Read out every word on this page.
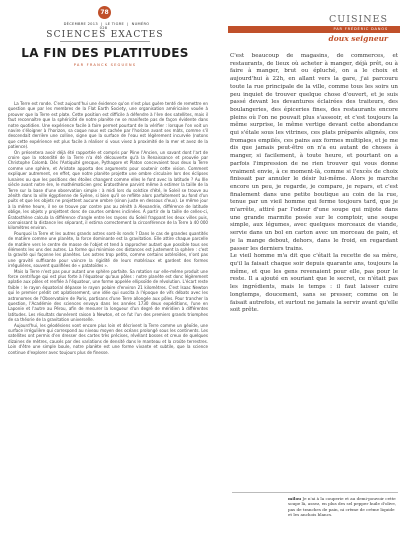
78
DÉCEMBRE 2013 | LE TIGRE | NUMÉRO 028
SCIENCES EXACTES
LA FIN DES PLATITUDES
PAR FRANCK SEGUENS

La Terre est ronde. C'est aujourd'hui une évidence qu'on n'est plus guère tenté de remettre en question que par les membres de la Flat Earth Society, une organisation américaine vouée à prouver que la Terre est plate. Cette position est difficile à défendre à l'ère des satellites, mais il faut reconnaître que la sphéricité de notre planète ne se manifeste pas de façon évidente dans notre quotidien. Une expérience facile à faire permet pourtant de la vérifier : lorsque l'on voit un navire s'éloigner à l'horizon, sa coque nous est cachée par l'horizon avant ses mâts, comme s'il descendait derrière une colline, signe que la surface de l'eau est légèrement incurvée (notons que cette expérience est plus facile à réaliser si vous vivez à proximité de la mer et avez de la patience).

On présentera avoir déjà été rapportée et compris par Pline l'Ancien, un savant dont l'art de croire que la rotondité de la Terre n'a été découverte qu'à la Renaissance et prouvée par Christophe Colomb. Dès l'Antiquité grecque, Pythagore et Platon concevaient tous deux la Terre comme une sphère, et Aristote apporta des arguments pour soutenir cette vision. Comment expliquer autrement, en effet, que notre planète projette une ombre circulaire lors des éclipses lunaires ou que les positions des étoiles changent comme elles le font avec la latitude ? Au IIIe siècle avant notre ère, le mathématicien grec Ératosthène parvint même à estimer la taille de la Terre sur la base d'une observation simple : à midi lors du solstice d'été, le Soleil se trouve au zénith dans la ville égyptienne de Syène, si bien qu'il se reflète alors parfaitement au fond d'un puits et que les objets ne projettent aucune ombre (sinon juste en dessous d'eux). Le même jour à la même heure, il ne se trouve par contre pas au zénith à Alexandrie, différence de latitude oblige, les objets y projettent donc de courtes ombres inclinées. À partir de la taille de celles-ci, Ératosthène calcula la différence d'angle entre les rayons du Soleil frappant les deux villes puis, connaissant la distance les séparant, il estima correctement la circonférence de la Terre à 40 000 kilomètres environ.

Pourquoi la Terre et les autres grands astres sont-ils ronds ? Dans le cas de grandes quantités de matière comme une planète, la force dominante est la gravitation. Elle attire chaque parcelle de matière vers le centre de masse de l'objet et tend à rapprocher autant que possible tous ses éléments les uns des autres. La forme qui minimise ces distances est justement la sphère : c'est la gravité qui façonne les planètes. Les astres trop petits, comme certains astéroïdes, n'ont pas une gravité suffisante pour vaincre la rigidité de leurs matériaux et gardent des formes irrégulières, souvent qualifiées de « patatoïdes ».

Mais la Terre n'est pas pour autant une sphère parfaite. Sa rotation sur elle-même produit une force centrifuge qui est plus forte à l'équateur qu'aux pôles : notre planète est donc légèrement aplatie aux pôles et renflée à l'équateur, une forme appelée ellipsoïde de révolution. L'écart reste faible : le rayon équatorial dépasse le rayon polaire d'environ 21 kilomètres. C'est Isaac Newton qui le premier prédit cet aplatissement, une idée qui suscita à l'époque de vifs débats avec les astronomes de l'Observatoire de Paris, partisans d'une Terre allongée aux pôles. Pour trancher la question, l'Académie des sciences envoya dans les années 1730 deux expéditions, l'une en Laponie et l'autre au Pérou, afin de mesurer la longueur d'un degré de méridien à différentes latitudes. Les résultats donnèrent raison à Newton, et ce fut l'un des premiers grands triomphes de sa théorie de la gravitation universelle.

Aujourd'hui, les géodésiens vont encore plus loin et décrivent la Terre comme un géoïde, une surface irrégulière qui correspond au niveau moyen des océans prolongé sous les continents. Les satellites ont permis d'en dresser des cartes très précises, révélant bosses et creux de quelques dizaines de mètres, causés par des variations de densité dans le manteau et la croûte terrestres. Loin d'être une simple boule, notre planète est une forme vivante et subtile, que la science continue d'explorer avec toujours plus de finesse.

CUISINES
PAR FRÉDÉRIC DANOS
doux seigneur

C'est beaucoup de magasins, de commerces, et restaurants, de lieux où acheter à manger, déjà prêt, ou à faire à manger, brut ou épluché, on a le choix et aujourd'hui à 22h, en allant vers la gare, j'ai parcouru toute la rue principale de la ville, comme tous les soirs un peu inquiet de trouver quelque chose d'ouvert, et je suis passé devant les devantures éclairées des traiteurs, des boulangeries, des épiceries fines, des restaurants encore pleins où l'on ne pouvait plus s'asseoir, et c'est toujours la même surprise, le même vertige devant cette abondance qui s'étale sous les vitrines, ces plats préparés alignés, ces fromages empilés, ces pains aux formes multiples, et je me dis que jamais peut-être on n'a eu autant de choses à manger, si facilement, à toute heure, et pourtant on a parfois l'impression de ne rien trouver qui vous donne vraiment envie, à ce moment-là, comme si l'excès de choix finissait par annuler le désir lui-même. Alors je marche encore un peu, je regarde, je compare, je repars, et c'est finalement dans une petite boutique au coin de la rue, tenue par un vieil homme qui ferme toujours tard, que je m'arrête, attiré par l'odeur d'une soupe qui mijote dans une grande marmite posée sur le comptoir, une soupe simple, aux légumes, avec quelques morceaux de viande, servie dans un bol en carton avec un morceau de pain, et je la mange debout, dehors, dans le froid, en regardant passer les derniers trains.

Le vieil homme m'a dit que c'était la recette de sa mère, qu'il la faisait chaque soir depuis quarante ans, toujours la même, et que les gens revenaient pour elle, pas pour le reste. Il a ajouté en souriant que le secret, ce n'était pas les ingrédients, mais le temps : il faut laisser cuire longtemps, doucement, sans se presser, comme on le faisait autrefois, et surtout ne jamais la servir avant qu'elle soit prête.

milou Je n'ai à la couperie et au demi-pouvoir cette soupe là, assez, en plus des sel pepper huile d'olive, pas de tranches de pain, ni crème de crème liquide et les anchois blancs.
